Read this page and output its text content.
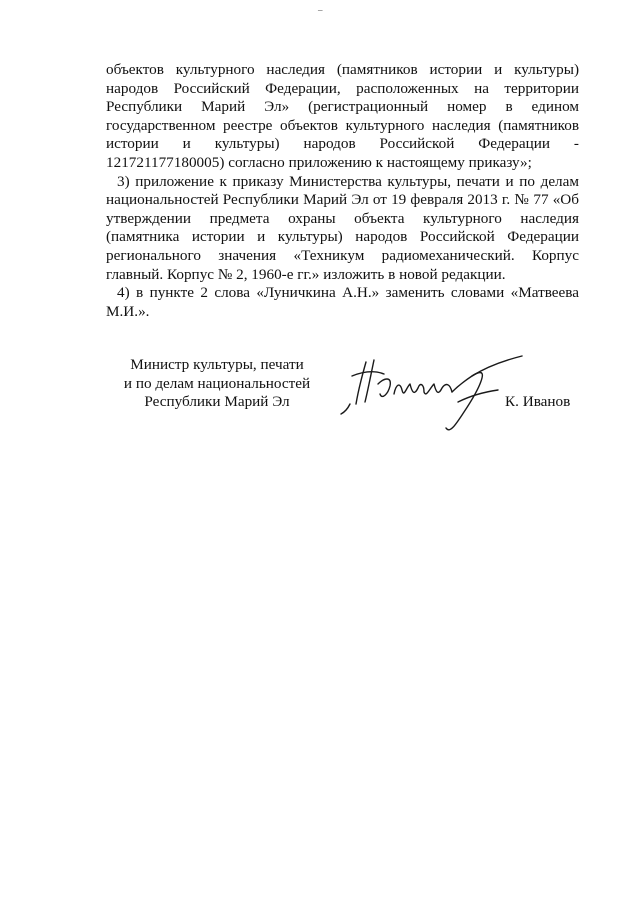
–

объектов культурного наследия (памятников истории и культуры) народов Российский Федерации, расположенных на территории Республики Марий Эл» (регистрационный номер в едином государственном реестре объектов культурного наследия (памятников истории и культуры) народов Российской Федерации - 121721177180005) согласно приложению к настоящему приказу»;

3) приложение к приказу Министерства культуры, печати и по делам национальностей Республики Марий Эл от 19 февраля 2013 г. № 77 «Об утверждении предмета охраны объекта культурного наследия (памятника истории и культуры) народов Российской Федерации регионального значения «Техникум радиомеханический. Корпус главный. Корпус № 2, 1960-е гг.» изложить в новой редакции.

4) в пункте 2 слова «Луничкина А.Н.» заменить словами «Матвеева М.И.».

Министр культуры, печати
и по делам национальностей
Республики Марий Эл	К. Иванов
